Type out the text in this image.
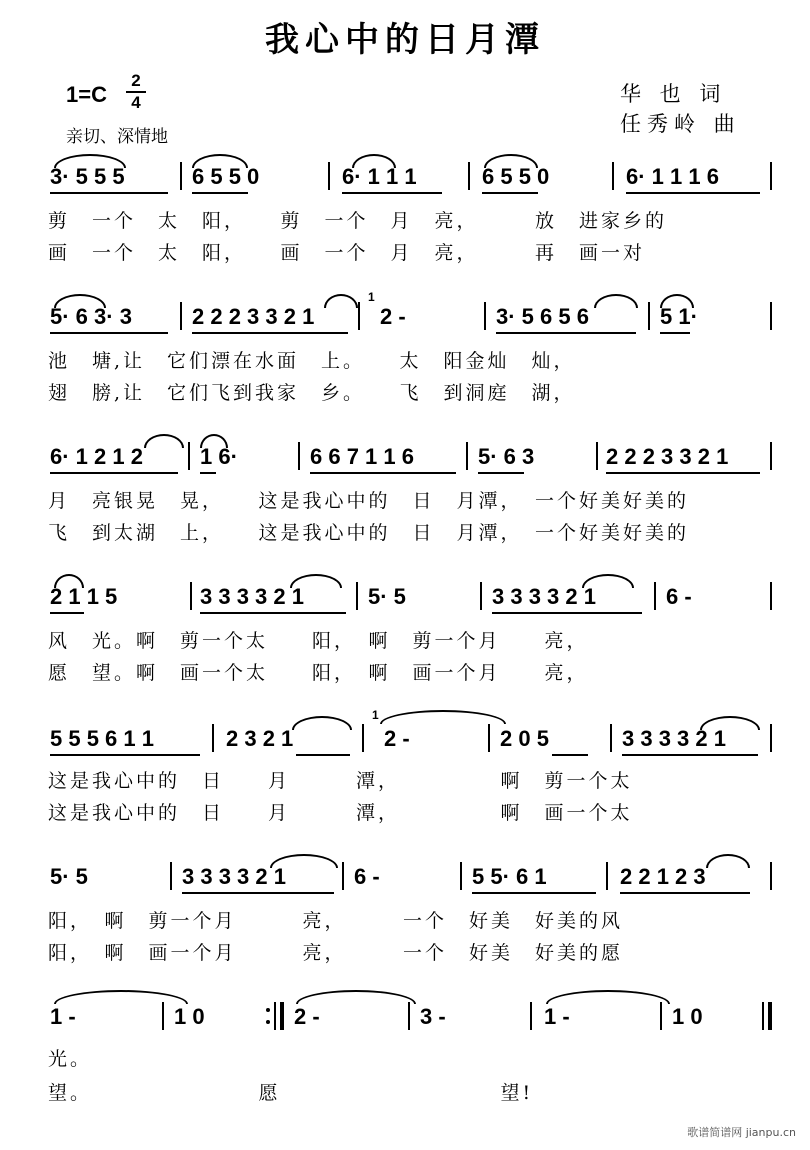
我心中的日月潭
1=C
2
4
亲切、深情地
华 也 词
任秀岭 曲
3· 5 5 5	6 5 5 0	6· 1 1 1	6 5 5 0	6· 1 1 1 6
剪　一个　太　阳，　　剪　一个　月　亮，　　　放　进家乡的
画　一个　太　阳，　　画　一个　月　亮，　　　再　画一对
5· 6 3· 3	2 2 2 3 3 2 1
1
2 -	3· 5 6 5 6	5 1·
池　塘,让　它们漂在水面　上。　　太　阳金灿　灿，
翅　膀,让　它们飞到我家　乡。　　飞　到洞庭　湖，
6· 1 2 1 2	1 6·	6 6 7 1 1 6	5· 6 3	2 2 2 3 3 2 1
月　亮银晃　晃，　　这是我心中的　日　月潭，　一个好美好美的
飞　到太湖　上，　　这是我心中的　日　月潭，　一个好美好美的
2 1 1 5	3 3 3 3 2 1	5· 5	3 3 3 3 2 1	6 -
风　光。啊　剪一个太　　阳，　啊　剪一个月　　亮，
愿　望。啊　画一个太　　阳，　啊　画一个月　　亮，
5 5 5 6 1 1	2 3 2 1
1
2 -	2 0 5	3 3 3 3 2 1
这是我心中的　日　　月　　　潭，　　　　　啊　剪一个太
这是我心中的　日　　月　　　潭，　　　　　啊　画一个太
5· 5	3 3 3 3 2 1	6 -	5 5· 6 1	2 2 1 2 3
阳，　啊　剪一个月　　　亮，　　　一个　好美　好美的风
阳，　啊　画一个月　　　亮，　　　一个　好美　好美的愿
1 -	1 0	2 -	3 -	1 -	1 0
光。
望。　　　　　　　　愿　　　　　　　　　　望!
歌谱简谱网 jianpu.cn
